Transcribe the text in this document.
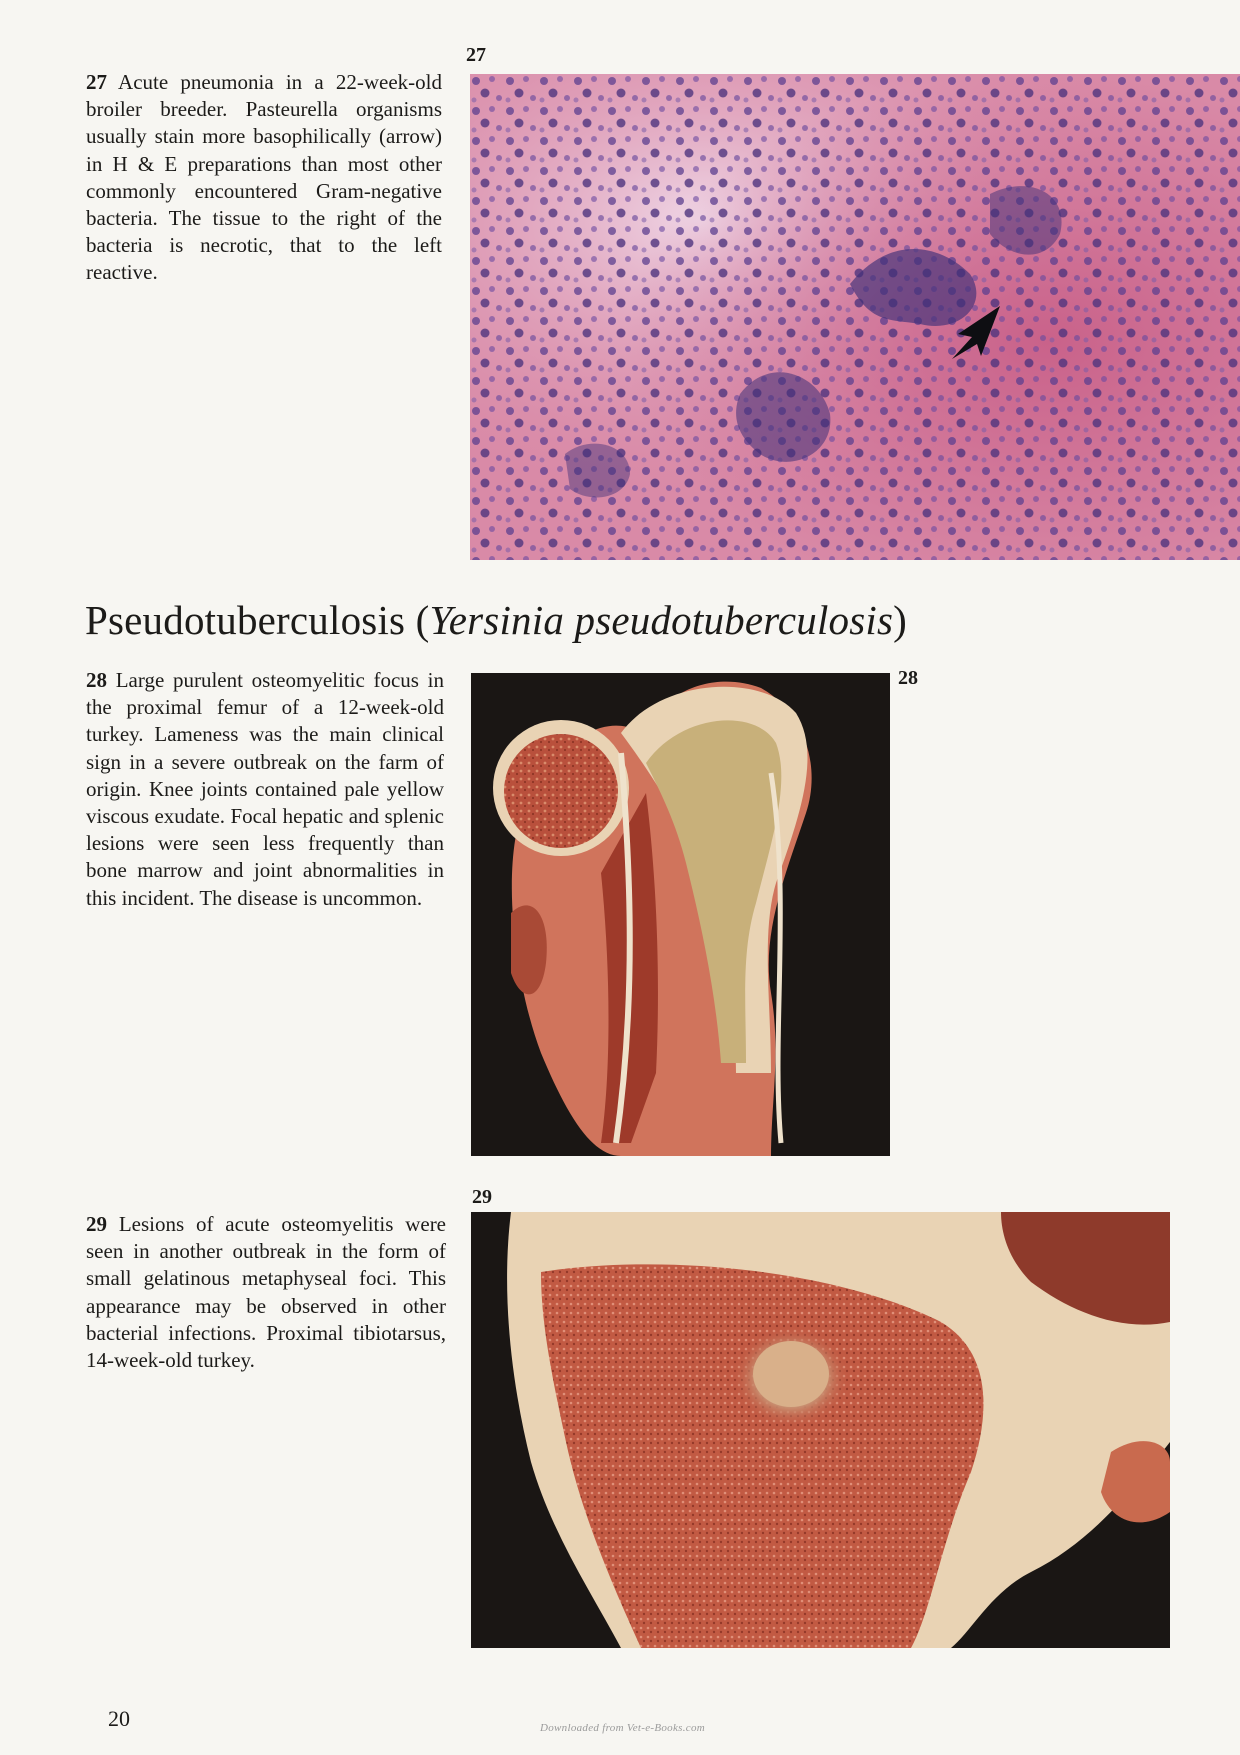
27
27 Acute pneumonia in a 22-week-old broiler breeder. Pasteurella organisms usually stain more basophilically (arrow) in H & E preparations than most other commonly encountered Gram-negative bacteria. The tissue to the right of the bacteria is necrotic, that to the left reactive.
Pseudotuberculosis (Yersinia pseudotuberculosis)
28 Large purulent osteomyelitic focus in the proximal femur of a 12-week-old turkey. Lameness was the main clinical sign in a severe outbreak on the farm of origin. Knee joints contained pale yellow viscous exudate. Focal hepatic and splenic lesions were seen less frequently than bone marrow and joint abnormalities in this incident. The disease is uncommon.
28
29
29 Lesions of acute osteomyelitis were seen in another outbreak in the form of small gelatinous metaphyseal foci. This appearance may be observed in other bacterial infections. Proximal tibiotarsus, 14-week-old turkey.
20	Downloaded from Vet-e-Books.com
